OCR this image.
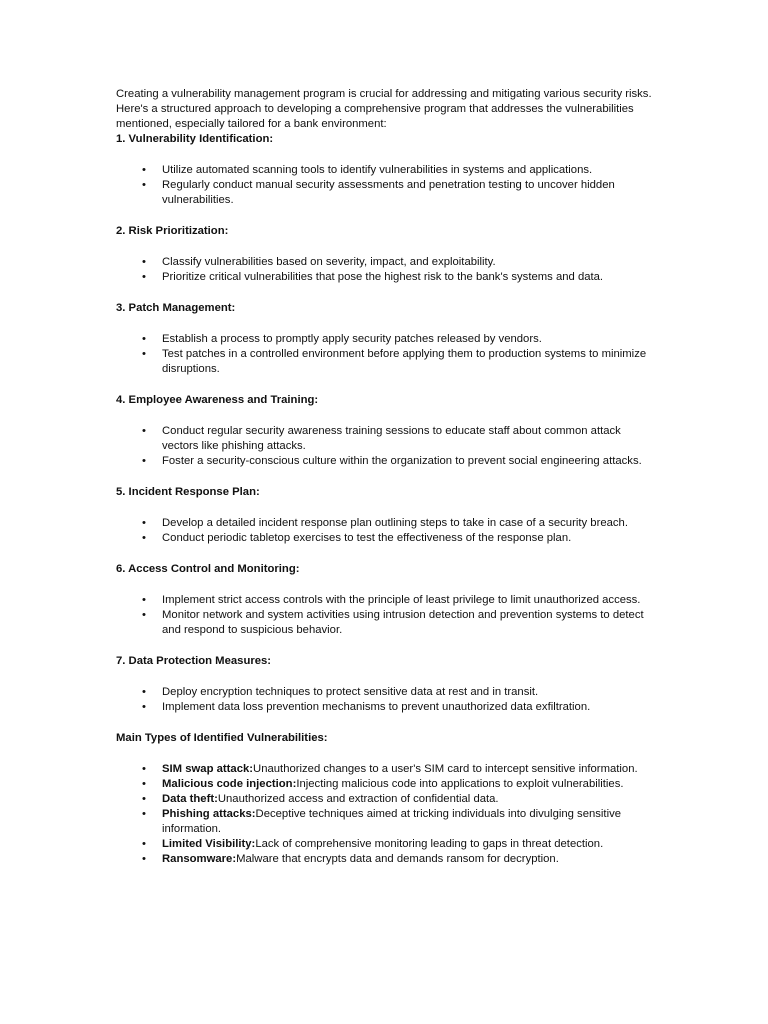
Creating a vulnerability management program is crucial for addressing and mitigating various security risks. Here's a structured approach to developing a comprehensive program that addresses the vulnerabilities mentioned, especially tailored for a bank environment:

1. Vulnerability Identification:

• Utilize automated scanning tools to identify vulnerabilities in systems and applications.
• Regularly conduct manual security assessments and penetration testing to uncover hidden vulnerabilities.

2. Risk Prioritization:

• Classify vulnerabilities based on severity, impact, and exploitability.
• Prioritize critical vulnerabilities that pose the highest risk to the bank's systems and data.

3. Patch Management:

• Establish a process to promptly apply security patches released by vendors.
• Test patches in a controlled environment before applying them to production systems to minimize disruptions.

4. Employee Awareness and Training:

• Conduct regular security awareness training sessions to educate staff about common attack vectors like phishing attacks.
• Foster a security-conscious culture within the organization to prevent social engineering attacks.

5. Incident Response Plan:

• Develop a detailed incident response plan outlining steps to take in case of a security breach.
• Conduct periodic tabletop exercises to test the effectiveness of the response plan.

6. Access Control and Monitoring:

• Implement strict access controls with the principle of least privilege to limit unauthorized access.
• Monitor network and system activities using intrusion detection and prevention systems to detect and respond to suspicious behavior.

7. Data Protection Measures:

• Deploy encryption techniques to protect sensitive data at rest and in transit.
• Implement data loss prevention mechanisms to prevent unauthorized data exfiltration.

Main Types of Identified Vulnerabilities:

• SIM swap attack:Unauthorized changes to a user's SIM card to intercept sensitive information.
• Malicious code injection:Injecting malicious code into applications to exploit vulnerabilities.
• Data theft:Unauthorized access and extraction of confidential data.
• Phishing attacks:Deceptive techniques aimed at tricking individuals into divulging sensitive information.
• Limited Visibility:Lack of comprehensive monitoring leading to gaps in threat detection.
• Ransomware:Malware that encrypts data and demands ransom for decryption.
